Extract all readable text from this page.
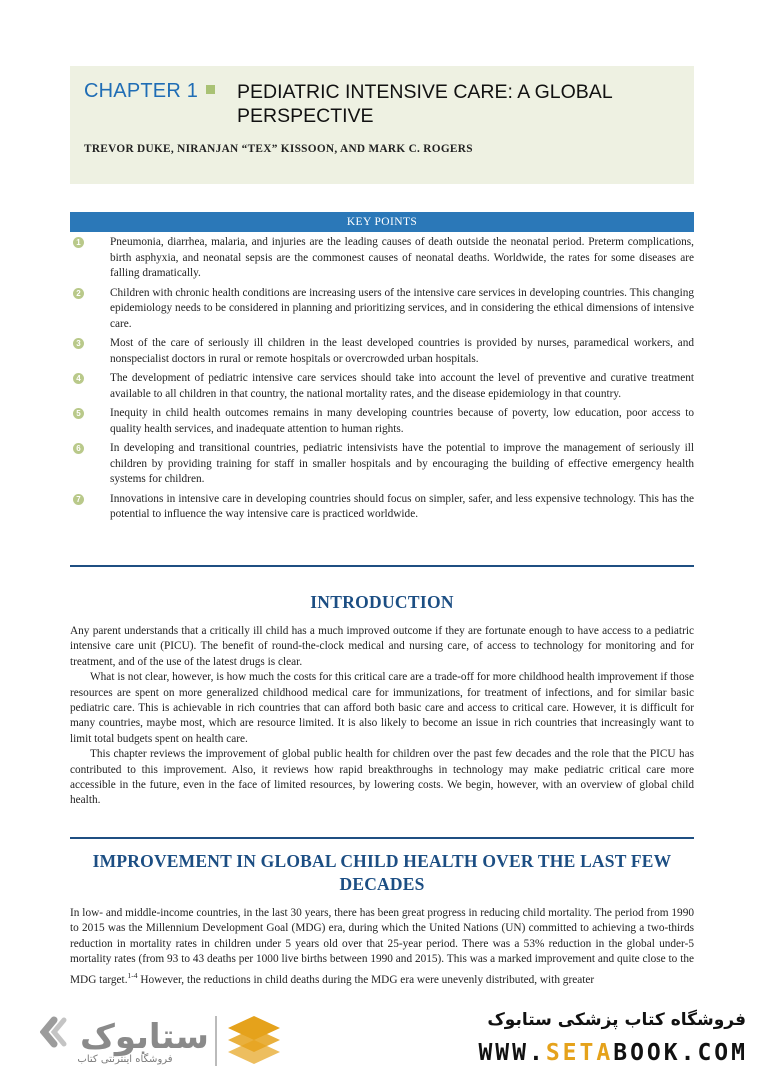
CHAPTER 1	PEDIATRIC INTENSIVE CARE: A GLOBAL PERSPECTIVE
TREVOR DUKE, NIRANJAN “TEX” KISSOON, AND MARK C. ROGERS
KEY POINTS
1	Pneumonia, diarrhea, malaria, and injuries are the leading causes of death outside the neonatal period. Preterm complications, birth asphyxia, and neonatal sepsis are the commonest causes of neonatal deaths. Worldwide, the rates for some diseases are falling dramatically.

2	Children with chronic health conditions are increasing users of the intensive care services in developing countries. This changing epidemiology needs to be considered in planning and prioritizing services, and in considering the ethical dimensions of intensive care.

3	Most of the care of seriously ill children in the least developed countries is provided by nurses, paramedical workers, and nonspecialist doctors in rural or remote hospitals or overcrowded urban hospitals.

4	The development of pediatric intensive care services should take into account the level of preventive and curative treatment available to all children in that country, the national mortality rates, and the disease epidemiology in that country.

5	Inequity in child health outcomes remains in many developing countries because of poverty, low education, poor access to quality health services, and inadequate attention to human rights.

6	In developing and transitional countries, pediatric intensivists have the potential to improve the management of seriously ill children by providing training for staff in smaller hospitals and by encouraging the building of effective emergency health systems for children.

7	Innovations in intensive care in developing countries should focus on simpler, safer, and less expensive technology. This has the potential to influence the way intensive care is practiced worldwide.

INTRODUCTION

Any parent understands that a critically ill child has a much improved outcome if they are fortunate enough to have access to a pediatric intensive care unit (PICU). The benefit of round-the-clock medical and nursing care, of access to technology for monitoring and for treatment, and of the use of the latest drugs is clear.

What is not clear, however, is how much the costs for this critical care are a trade-off for more childhood health improvement if those resources are spent on more generalized childhood medical care for immunizations, for treatment of infections, and for similar basic pediatric care. This is achievable in rich countries that can afford both basic care and access to critical care. However, it is difficult for many countries, maybe most, which are resource limited. It is also likely to become an issue in rich countries that increasingly want to limit total budgets spent on health care.

This chapter reviews the improvement of global public health for children over the past few decades and the role that the PICU has contributed to this improvement. Also, it reviews how rapid breakthroughs in technology may make pediatric critical care more accessible in the future, even in the face of limited resources, by lowering costs. We begin, however, with an overview of global child health.

IMPROVEMENT IN GLOBAL CHILD HEALTH OVER THE LAST FEW DECADES

In low- and middle-income countries, in the last 30 years, there has been great progress in reducing child mortality. The period from 1990 to 2015 was the Millennium Development Goal (MDG) era, during which the United Nations (UN) committed to achieving a two-thirds reduction in mortality rates in children under 5 years old over that 25-year period. There was a 53% reduction in the global under-5 mortality rates (from 93 to 43 deaths per 1000 live births between 1990 and 2015). This was a marked improvement and quite close to the MDG target.$^{1-4}$ However, the reductions in child deaths during the MDG era were unevenly distributed, with greater

ستابوک
فروشگاه اینترنتی کتاب
فروشگاه کتاب پزشکی ستابوک
WWW.SETABOOK.COM
